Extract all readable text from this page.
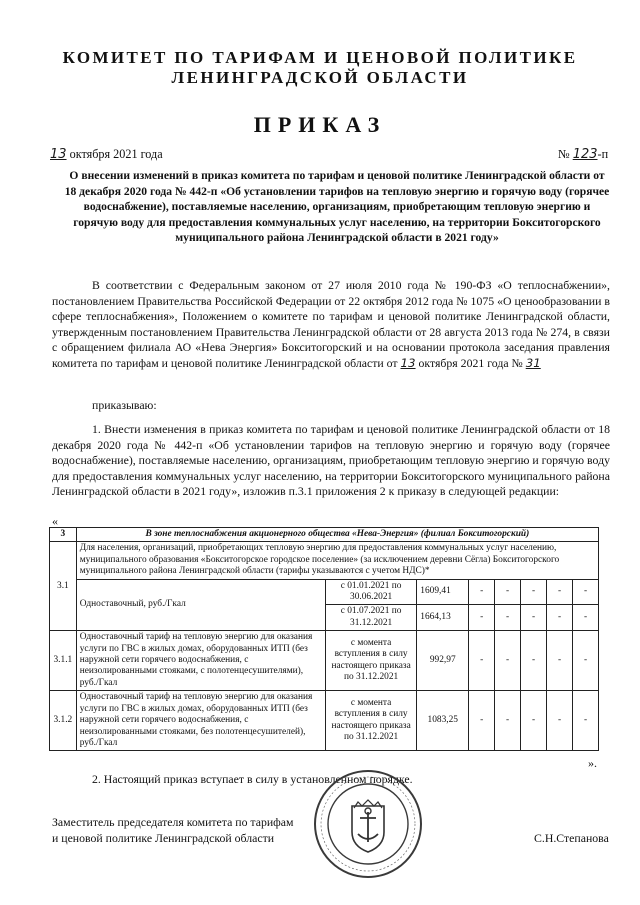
КОМИТЕТ ПО ТАРИФАМ И ЦЕНОВОЙ ПОЛИТИКЕ
ЛЕНИНГРАДСКОЙ ОБЛАСТИ
ПРИКАЗ
13 октября 2021 года	№ 123-п
О внесении изменений в приказ комитета по тарифам и ценовой политике Ленинградской области от 18 декабря 2020 года № 442-п «Об установлении тарифов на тепловую энергию и горячую воду (горячее водоснабжение), поставляемые населению, организациям, приобретающим тепловую энергию и горячую воду для предоставления коммунальных услуг населению, на территории Бокситогорского муниципального района Ленинградской области в 2021 году»
В соответствии с Федеральным законом от 27 июля 2010 года № 190-ФЗ «О теплоснабжении», постановлением Правительства Российской Федерации от 22 октября 2012 года № 1075 «О ценообразовании в сфере теплоснабжения», Положением о комитете по тарифам и ценовой политике Ленинградской области, утвержденным постановлением Правительства Ленинградской области от 28 августа 2013 года № 274, в связи с обращением филиала АО «Нева Энергия» Бокситогорский и на основании протокола заседания правления комитета по тарифам и ценовой политике Ленинградской области от 13 октября 2021 года № 31
приказываю:
1. Внести изменения в приказ комитета по тарифам и ценовой политике Ленинградской области от 18 декабря 2020 года № 442-п «Об установлении тарифов на тепловую энергию и горячую воду (горячее водоснабжение), поставляемые населению, организациям, приобретающим тепловую энергию и горячую воду для предоставления коммунальных услуг населению, на территории Бокситогорского муниципального района Ленинградской области в 2021 году», изложив п.3.1 приложения 2 к приказу в следующей редакции:
«
3	В зоне теплоснабжения акционерного общества «Нева-Энергия» (филиал Бокситогорский)							
3.1	Для населения, организаций, приобретающих тепловую энергию для предоставления коммунальных услуг населению, муниципального образования «Бокситогорское городское поселение» (за исключением деревни Сёгла) Бокситогорского муниципального района Ленинградской области (тарифы указываются с учетом НДС)*							
	Одноставочный, руб./Гкал	с 01.01.2021 по 30.06.2021	1609,41	-	-	-	-	-
		с 01.07.2021 по 31.12.2021	1664,13	-	-	-	-	-
3.1.1	Одноставочный тариф на тепловую энергию для оказания услуги по ГВС в жилых домах, оборудованных ИТП (без наружной сети горячего водоснабжения, с неизолированными стояками, с полотенцесушителями), руб./Гкал	с момента вступления в силу настоящего приказа по 31.12.2021	992,97	-	-	-	-	-
3.1.2	Одноставочный тариф на тепловую энергию для оказания услуги по ГВС в жилых домах, оборудованных ИТП (без наружной сети горячего водоснабжения, с неизолированными стояками, без полотенцесушителей), руб./Гкал	с момента вступления в силу настоящего приказа по 31.12.2021	1083,25	-	-	-	-	-
».
2. Настоящий приказ вступает в силу в установленном порядке.
Заместитель председателя комитета по тарифам
и ценовой политике Ленинградской области	С.Н.Степанова
